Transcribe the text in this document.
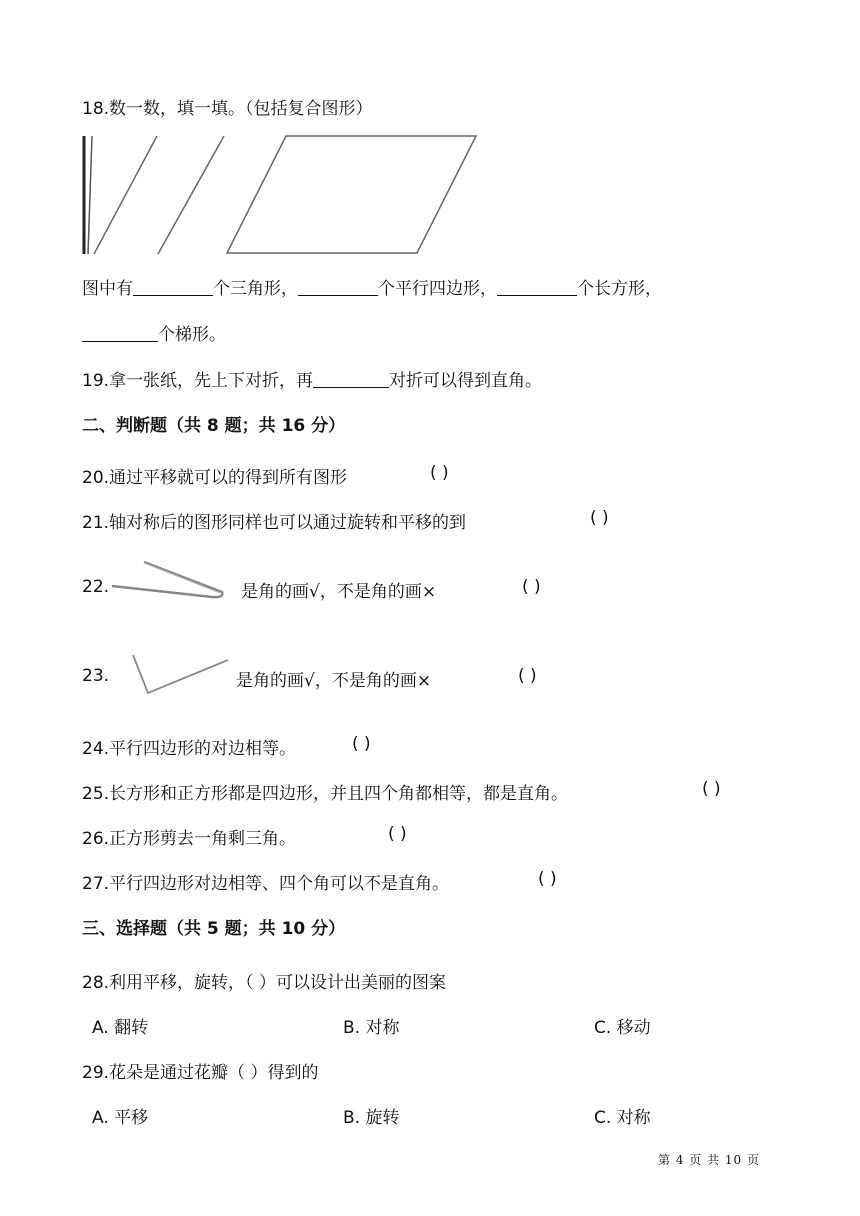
18.数一数，填一填。（包括复合图形）
图中有	个三角形，	个平行四边形，	个长方形，
个梯形。
19.拿一张纸，先上下对折，再	对折可以得到直角。
二、判断题（共 8 题；共 16 分）
20.通过平移就可以的得到所有图形	( )
21.轴对称后的图形同样也可以通过旋转和平移的到	( )
22.	是角的画√，不是角的画×	( )
23.	是角的画√，不是角的画×	( )
24.平行四边形的对边相等。	( )
25.长方形和正方形都是四边形，并且四个角都相等，都是直角。	( )
26.正方形剪去一角剩三角。	( )
27.平行四边形对边相等、四个角可以不是直角。	( )
三、选择题（共 5 题；共 10 分）
28.利用平移，旋转，（ ）可以设计出美丽的图案
A. 翻转	B. 对称	C. 移动
29.花朵是通过花瓣（ ）得到的
A. 平移	B. 旋转	C. 对称
第 4 页 共 10 页
